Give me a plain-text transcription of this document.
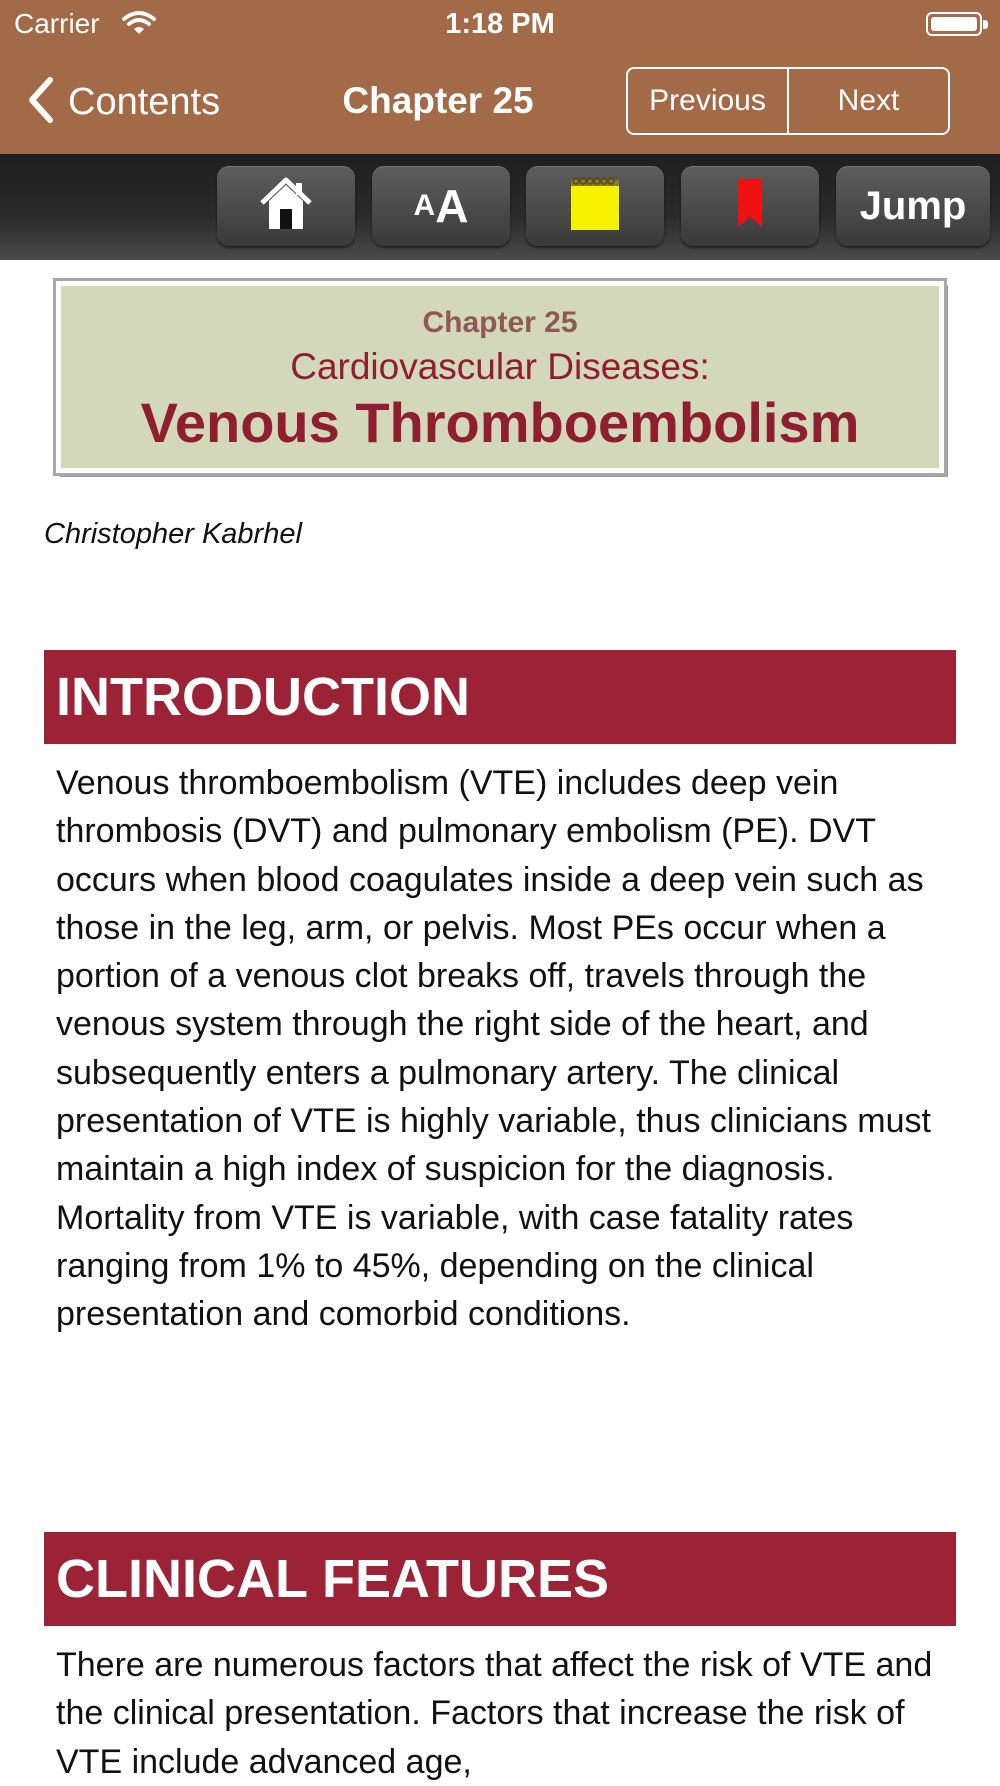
Carrier	1:18 PM
Contents	Chapter 25	Previous	Next
A A	Jump
Chapter 25
Cardiovascular Diseases:
Venous Thromboembolism
Christopher Kabrhel
INTRODUCTION
Venous thromboembolism (VTE) includes deep vein thrombosis (DVT) and pulmonary embolism (PE). DVT occurs when blood coagulates inside a deep vein such as those in the leg, arm, or pelvis. Most PEs occur when a portion of a venous clot breaks off, travels through the venous system through the right side of the heart, and subsequently enters a pulmonary artery. The clinical presentation of VTE is highly variable, thus clinicians must maintain a high index of suspicion for the diagnosis. Mortality from VTE is variable, with case fatality rates ranging from 1% to 45%, depending on the clinical presentation and comorbid conditions.
CLINICAL FEATURES
There are numerous factors that affect the risk of VTE and the clinical presentation. Factors that increase the risk of VTE include advanced age,
